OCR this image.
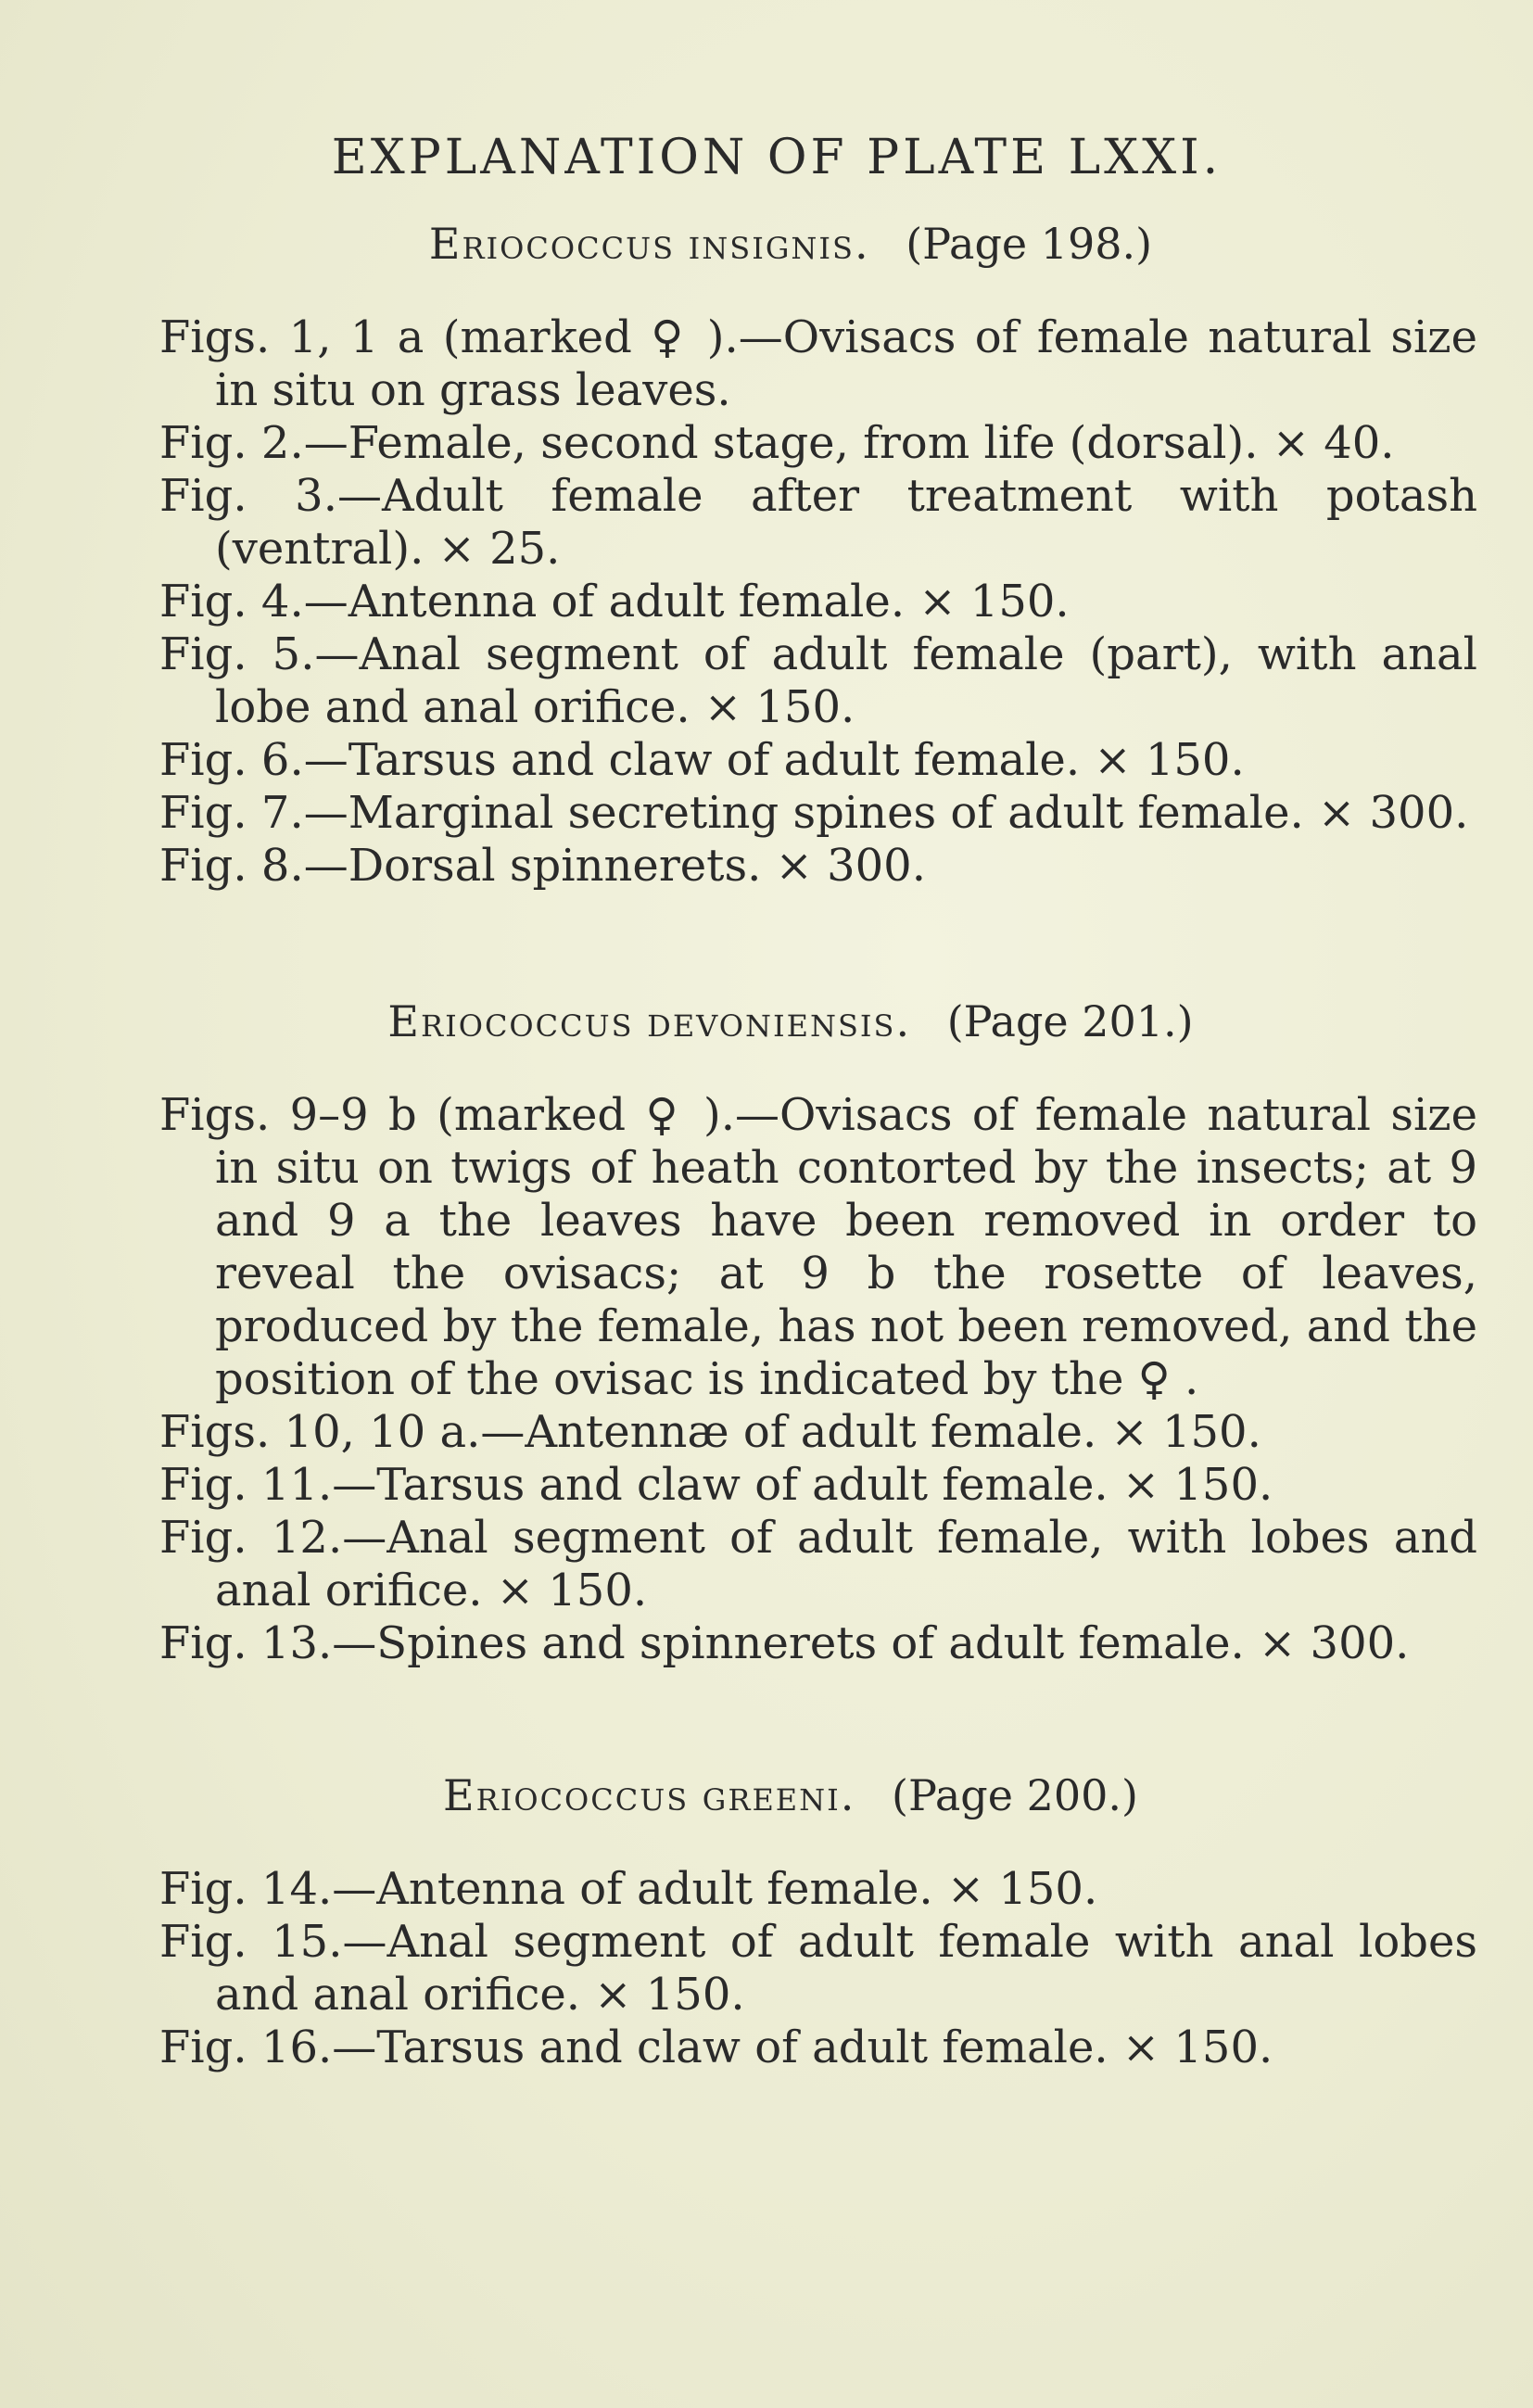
EXPLANATION OF PLATE LXXI.
Eriococcus insignis. (Page 198.)

Figs. 1, 1 a (marked ♀ ).—Ovisacs of female natural size in situ on grass leaves.

Fig. 2.—Female, second stage, from life (dorsal). × 40.

Fig. 3.—Adult female after treatment with potash (ventral). × 25.

Fig. 4.—Antenna of adult female. × 150.

Fig. 5.—Anal segment of adult female (part), with anal lobe and anal orifice. × 150.

Fig. 6.—Tarsus and claw of adult female. × 150.

Fig. 7.—Marginal secreting spines of adult female. × 300.

Fig. 8.—Dorsal spinnerets. × 300.

Eriococcus devoniensis. (Page 201.)

Figs. 9–9 b (marked ♀ ).—Ovisacs of female natural size in situ on twigs of heath contorted by the insects; at 9 and 9 a the leaves have been removed in order to reveal the ovisacs; at 9 b the rosette of leaves, produced by the female, has not been removed, and the position of the ovisac is indicated by the ♀ .

Figs. 10, 10 a.—Antennæ of adult female. × 150.

Fig. 11.—Tarsus and claw of adult female. × 150.

Fig. 12.—Anal segment of adult female, with lobes and anal orifice. × 150.

Fig. 13.—Spines and spinnerets of adult female. × 300.

Eriococcus greeni. (Page 200.)

Fig. 14.—Antenna of adult female. × 150.

Fig. 15.—Anal segment of adult female with anal lobes and anal orifice. × 150.

Fig. 16.—Tarsus and claw of adult female. × 150.
